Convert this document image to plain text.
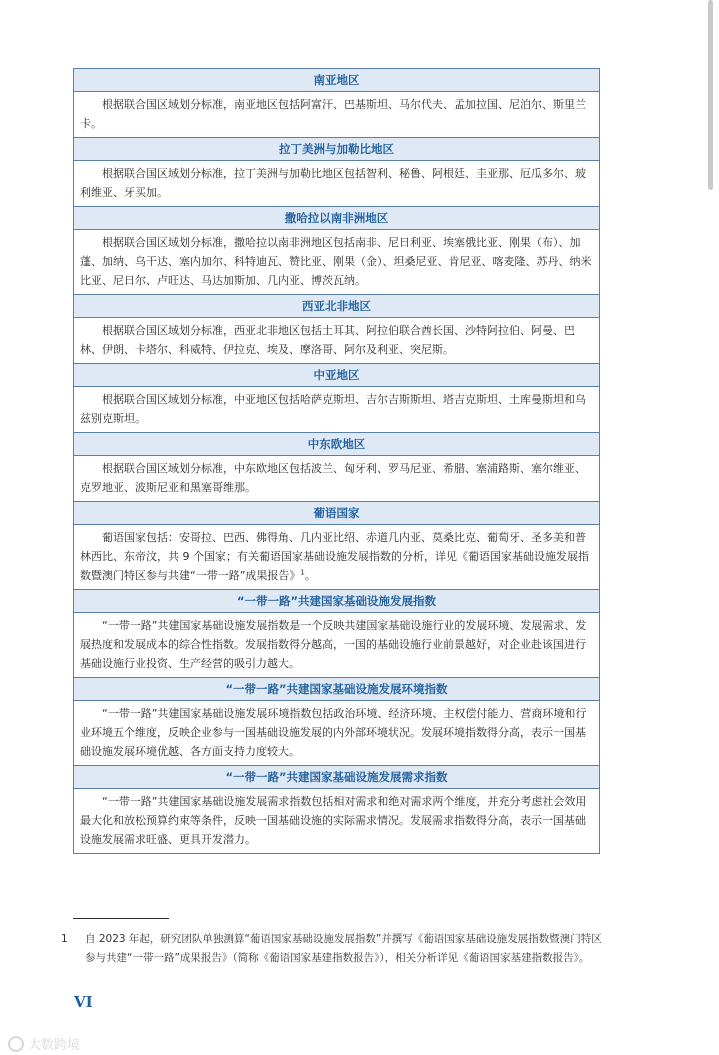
南亚地区
根据联合国区域划分标准，南亚地区包括阿富汗、巴基斯坦、马尔代夫、孟加拉国、尼泊尔、斯里兰卡。
拉丁美洲与加勒比地区
根据联合国区域划分标准，拉丁美洲与加勒比地区包括智利、秘鲁、阿根廷、圭亚那、厄瓜多尔、玻利维亚、牙买加。
撒哈拉以南非洲地区
根据联合国区域划分标准，撒哈拉以南非洲地区包括南非、尼日利亚、埃塞俄比亚、刚果（布）、加蓬、加纳、乌干达、塞内加尔、科特迪瓦、赞比亚、刚果（金）、坦桑尼亚、肯尼亚、喀麦隆、苏丹、纳米比亚、尼日尔、卢旺达、马达加斯加、几内亚、博茨瓦纳。
西亚北非地区
根据联合国区域划分标准，西亚北非地区包括土耳其、阿拉伯联合酋长国、沙特阿拉伯、阿曼、巴林、伊朗、卡塔尔、科威特、伊拉克、埃及、摩洛哥、阿尔及利亚、突尼斯。
中亚地区
根据联合国区域划分标准，中亚地区包括哈萨克斯坦、吉尔吉斯斯坦、塔吉克斯坦、土库曼斯坦和乌兹别克斯坦。
中东欧地区
根据联合国区域划分标准，中东欧地区包括波兰、匈牙利、罗马尼亚、希腊、塞浦路斯、塞尔维亚、克罗地亚、波斯尼亚和黑塞哥维那。
葡语国家
葡语国家包括：安哥拉、巴西、佛得角、几内亚比绍、赤道几内亚、莫桑比克、葡萄牙、圣多美和普林西比、东帝汶，共 9 个国家；有关葡语国家基础设施发展指数的分析，详见《葡语国家基础设施发展指数暨澳门特区参与共建“一带一路”成果报告》$^1$。
“一带一路”共建国家基础设施发展指数
“一带一路”共建国家基础设施发展指数是一个反映共建国家基础设施行业的发展环境、发展需求、发展热度和发展成本的综合性指数。发展指数得分越高，一国的基础设施行业前景越好，对企业赴该国进行基础设施行业投资、生产经营的吸引力越大。
“一带一路”共建国家基础设施发展环境指数
“一带一路”共建国家基础设施发展环境指数包括政治环境、经济环境、主权偿付能力、营商环境和行业环境五个维度，反映企业参与一国基础设施发展的内外部环境状况。发展环境指数得分高，表示一国基础设施发展环境优越、各方面支持力度较大。
“一带一路”共建国家基础设施发展需求指数
“一带一路”共建国家基础设施发展需求指数包括相对需求和绝对需求两个维度，并充分考虑社会效用最大化和放松预算约束等条件，反映一国基础设施的实际需求情况。发展需求指数得分高，表示一国基础设施发展需求旺盛、更具开发潜力。
1 自 2023 年起，研究团队单独测算“葡语国家基础设施发展指数”并撰写《葡语国家基础设施发展指数暨澳门特区参与共建“一带一路”成果报告》（简称《葡语国家基建指数报告》），相关分析详见《葡语国家基建指数报告》。
VI
大数跨境
